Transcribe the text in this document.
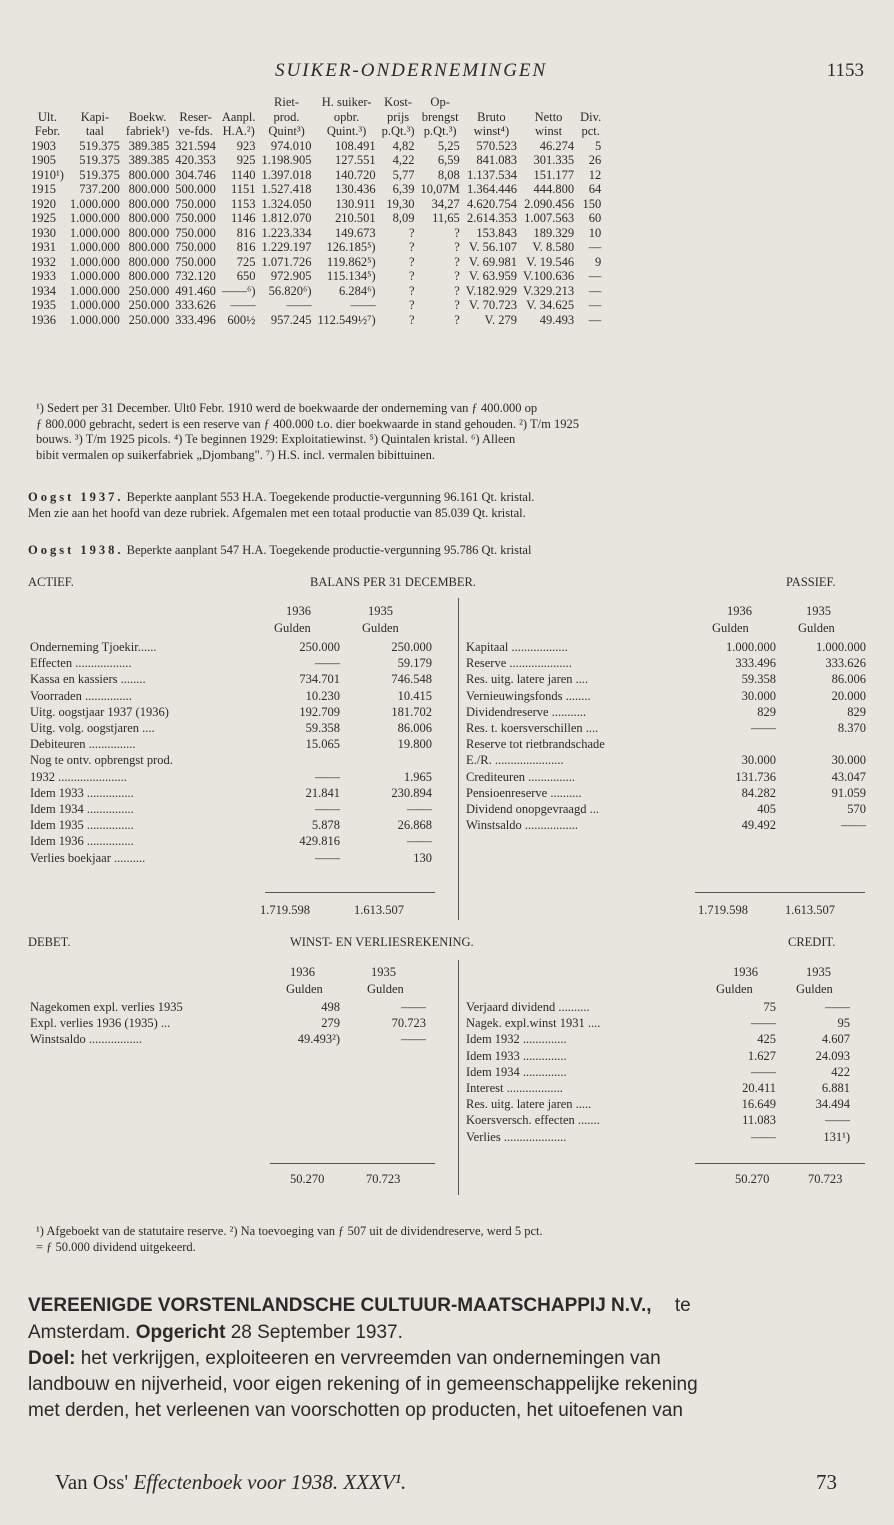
SUIKER-ONDERNEMINGEN	1153
					Riet-	H. suiker-	Kost-	Op-			
Ult.	Kapi-	Boekw.	Reser-	Aanpl.	prod.	opbr.	prijs	brengst	Bruto	Netto	Div.
Febr.	taal	fabriek¹)	ve-fds.	H.A.²)	Quint³)	Quint.³)	p.Qt.³)	p.Qt.³)	winst⁴)	winst	pct.
1903	519.375	389.385	321.594	923	974.010	108.491	4,82	5,25	570.523	46.274	5
1905	519.375	389.385	420.353	925	1.198.905	127.551	4,22	6,59	841.083	301.335	26
1910¹)	519.375	800.000	304.746	1140	1.397.018	140.720	5,77	8,08	1.137.534	151.177	12
1915	737.200	800.000	500.000	1151	1.527.418	130.436	6,39	10,07M	1.364.446	444.800	64
1920	1.000.000	800.000	750.000	1153	1.324.050	130.911	19,30	34,27	4.620.754	2.090.456	150
1925	1.000.000	800.000	750.000	1146	1.812.070	210.501	8,09	11,65	2.614.353	1.007.563	60
1930	1.000.000	800.000	750.000	816	1.223.334	149.673	?	?	153.843	189.329	10
1931	1.000.000	800.000	750.000	816	1.229.197	126.185⁵)	?	?	V. 56.107	V. 8.580	—
1932	1.000.000	800.000	750.000	725	1.071.726	119.862⁵)	?	?	V. 69.981	V. 19.546	9
1933	1.000.000	800.000	732.120	650	972.905	115.134⁵)	?	?	V. 63.959	V.100.636	—
1934	1.000.000	250.000	491.460	——⁶)	56.820⁶)	6.284⁶)	?	?	V.182.929	V.329.213	—
1935	1.000.000	250.000	333.626	——	——	——	?	?	V. 70.723	V. 34.625	—
1936	1.000.000	250.000	333.496	600½	957.245	112.549½⁷)	?	?	V. 279	49.493	—
¹) Sedert per 31 December. Ult0 Febr. 1910 werd de boekwaarde der onderneming van ƒ 400.000 op
ƒ 800.000 gebracht, sedert is een reserve van ƒ 400.000 t.o. dier boekwaarde in stand gehouden. ²) T/m 1925
bouws. ³) T/m 1925 picols. ⁴) Te beginnen 1929: Exploitatiewinst. ⁵) Quintalen kristal. ⁶) Alleen
bibit vermalen op suikerfabriek „Djombang". ⁷) H.S. incl. vermalen bibittuinen.
Oogst 1937. Beperkte aanplant 553 H.A. Toegekende productie-vergunning 96.161 Qt. kristal.
Men zie aan het hoofd van deze rubriek. Afgemalen met een totaal productie van 85.039 Qt. kristal.
Oogst 1938. Beperkte aanplant 547 H.A. Toegekende productie-vergunning 95.786 Qt. kristal
ACTIEF.	BALANS PER 31 DECEMBER.	PASSIEF.
1936	1935
Gulden	Gulden
1936	1935
Gulden	Gulden
Onderneming Tjoekir......	250.000	250.000
Effecten ..................	——	59.179
Kassa en kassiers ........	734.701	746.548
Voorraden ...............	10.230	10.415
Uitg. oogstjaar 1937 (1936)	192.709	181.702
Uitg. volg. oogstjaren ....	59.358	86.006
Debiteuren ...............	15.065	19.800
Nog te ontv. opbrengst prod.
1932 ......................	——	1.965
Idem 1933 ...............	21.841	230.894
Idem 1934 ...............	——	——
Idem 1935 ...............	5.878	26.868
Idem 1936 ...............	429.816	——
Verlies boekjaar ..........	——	130
Kapitaal ..................	1.000.000	1.000.000
Reserve ....................	333.496	333.626
Res. uitg. latere jaren ....	59.358	86.006
Vernieuwingsfonds ........	30.000	20.000
Dividendreserve ...........	829	829
Res. t. koersverschillen ....	——	8.370
Reserve tot rietbrandschade
E./R. ......................	30.000	30.000
Crediteuren ...............	131.736	43.047
Pensioenreserve ..........	84.282	91.059
Dividend onopgevraagd ...	405	570
Winstsaldo .................	49.492	——
1.719.598	1.613.507	1.719.598	1.613.507
DEBET.	WINST- EN VERLIESREKENING.	CREDIT.
1936	1935
Gulden	Gulden
1936	1935
Gulden	Gulden
Nagekomen expl. verlies 1935	498	——
Expl. verlies 1936 (1935) ...	279	70.723
Winstsaldo .................	49.493²)	——
Verjaard dividend ..........	75	——
Nagek. expl.winst 1931 ....	——	95
Idem 1932 ..............	425	4.607
Idem 1933 ..............	1.627	24.093
Idem 1934 ..............	——	422
Interest ..................	20.411	6.881
Res. uitg. latere jaren .....	16.649	34.494
Koersversch. effecten .......	11.083	——
Verlies ....................	——	131¹)
50.270	70.723	50.270	70.723
¹) Afgeboekt van de statutaire reserve. ²) Na toevoeging van ƒ 507 uit de dividendreserve, werd 5 pct.
= ƒ 50.000 dividend uitgekeerd.
VEREENIGDE VORSTENLANDSCHE CULTUUR-MAATSCHAPPIJ N.V., te
Amsterdam. Opgericht 28 September 1937.
Doel: het verkrijgen, exploiteeren en vervreemden van ondernemingen van
landbouw en nijverheid, voor eigen rekening of in gemeenschappelijke rekening
met derden, het verleenen van voorschotten op producten, het uitoefenen van
Van Oss' Effectenboek voor 1938. XXXV¹.	73
